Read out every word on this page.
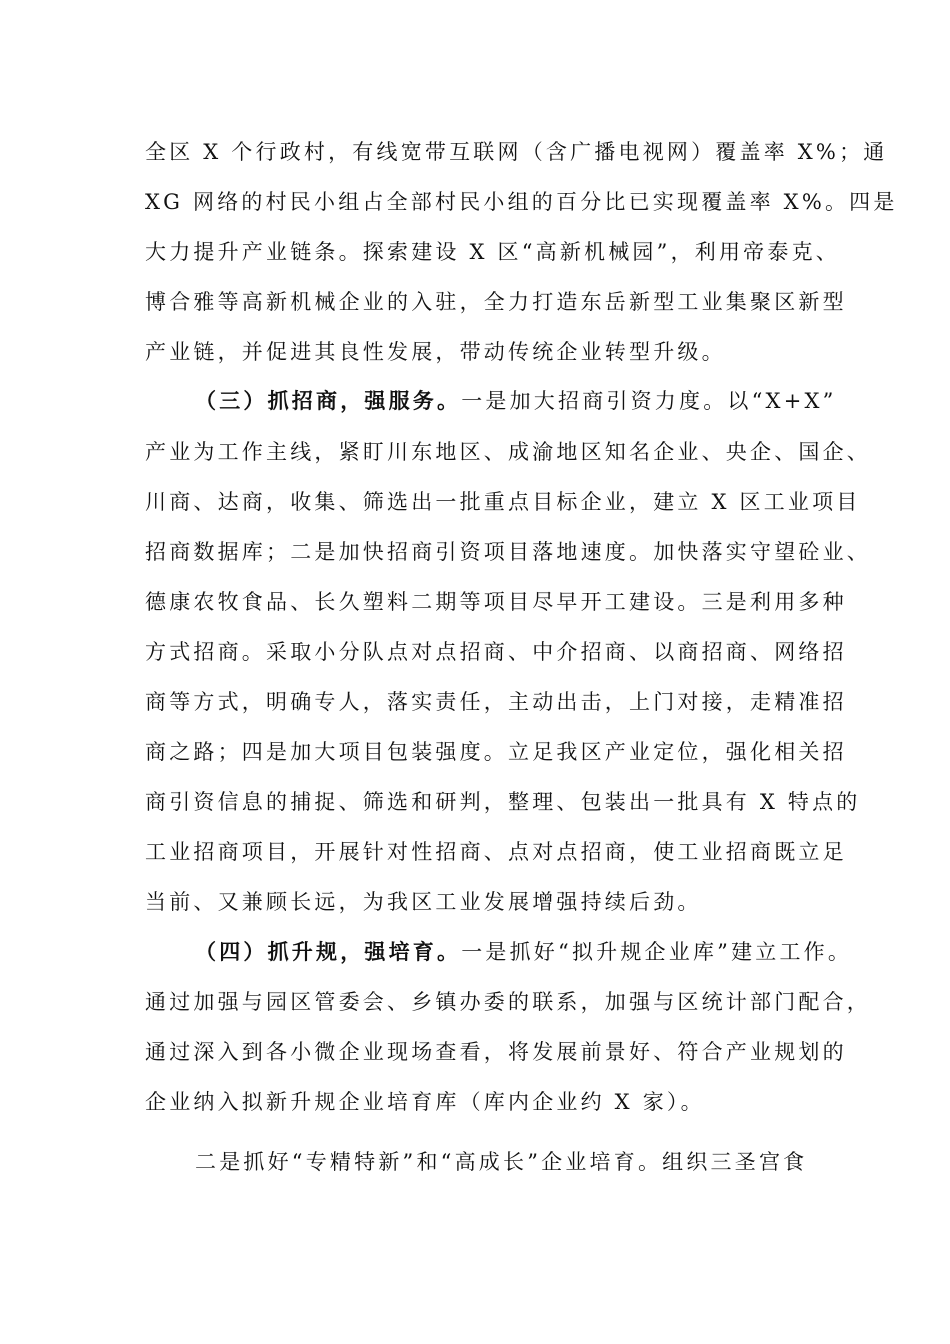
全区 X 个行政村，有线宽带互联网（含广播电视网）覆盖率 X%；通
XG 网络的村民小组占全部村民小组的百分比已实现覆盖率 X%。四是
大力提升产业链条。探索建设 X 区“高新机械园”，利用帝泰克、
博合雅等高新机械企业的入驻，全力打造东岳新型工业集聚区新型
产业链，并促进其良性发展，带动传统企业转型升级。
（三）抓招商，强服务。一是加大招商引资力度。以“X+X”
产业为工作主线，紧盯川东地区、成渝地区知名企业、央企、国企、
川商、达商，收集、筛选出一批重点目标企业，建立 X 区工业项目
招商数据库；二是加快招商引资项目落地速度。加快落实守望砼业、
德康农牧食品、长久塑料二期等项目尽早开工建设。三是利用多种
方式招商。采取小分队点对点招商、中介招商、以商招商、网络招
商等方式，明确专人，落实责任，主动出击，上门对接，走精准招
商之路；四是加大项目包装强度。立足我区产业定位，强化相关招
商引资信息的捕捉、筛选和研判，整理、包装出一批具有 X 特点的
工业招商项目，开展针对性招商、点对点招商，使工业招商既立足
当前、又兼顾长远，为我区工业发展增强持续后劲。
（四）抓升规，强培育。一是抓好“拟升规企业库”建立工作。
通过加强与园区管委会、乡镇办委的联系，加强与区统计部门配合，
通过深入到各小微企业现场查看，将发展前景好、符合产业规划的
企业纳入拟新升规企业培育库（库内企业约 X 家）。
二是抓好“专精特新”和“高成长”企业培育。组织三圣宫食
